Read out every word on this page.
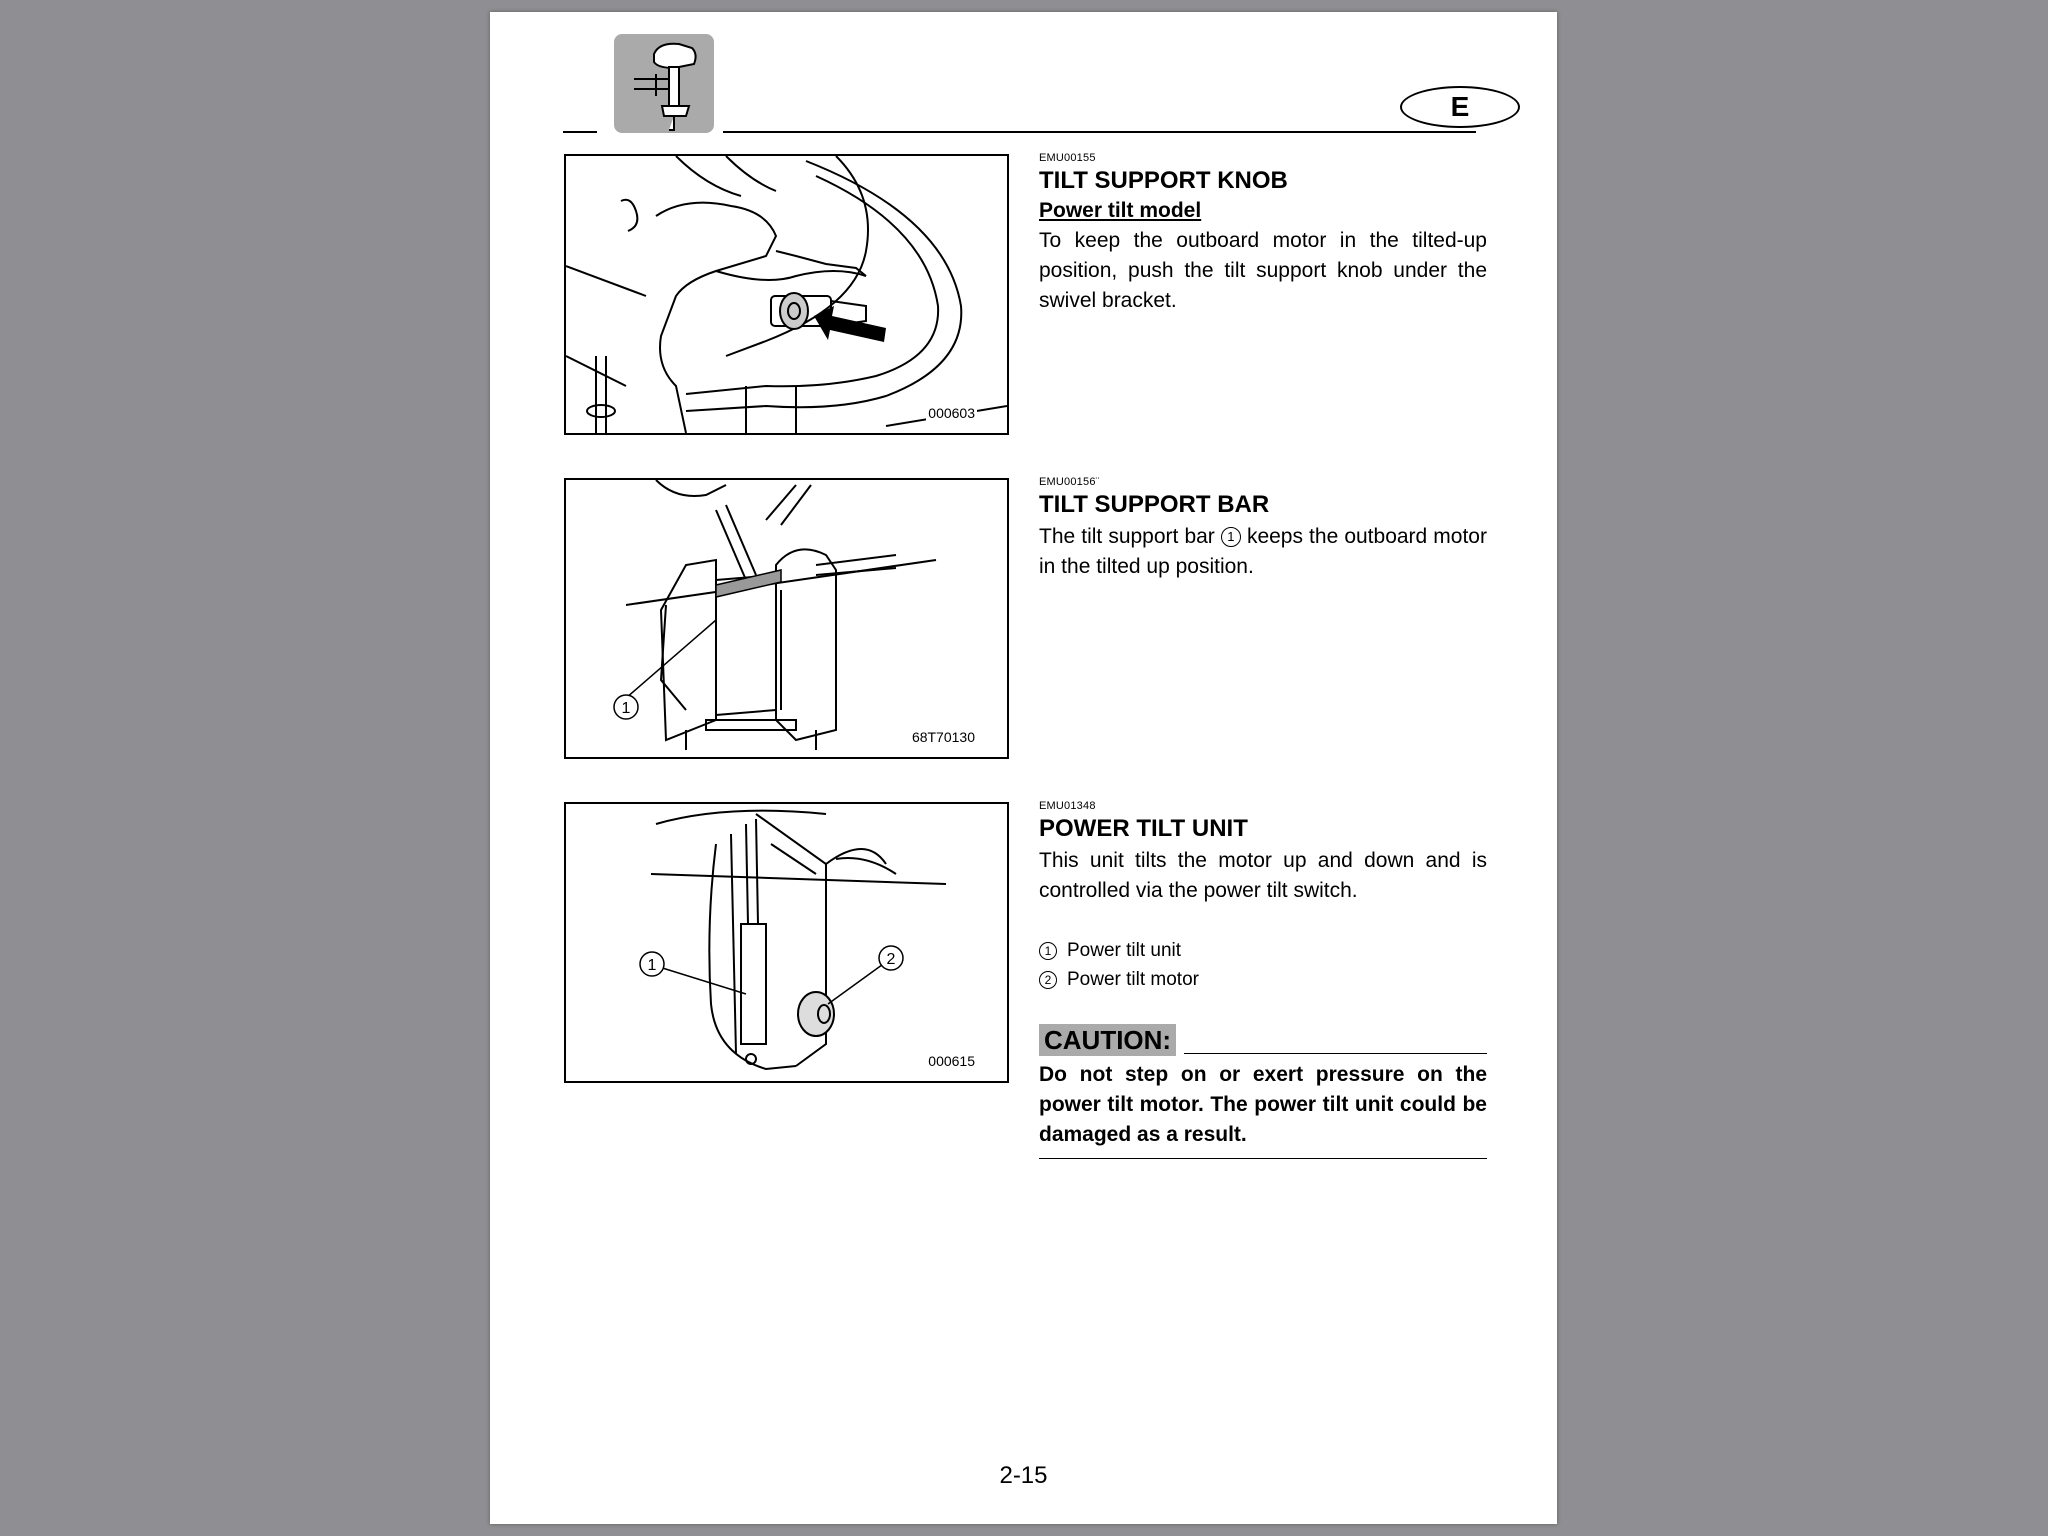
E
000603
1
68T70130
1	2
000615
EMU00155
TILT SUPPORT KNOB
Power tilt model
To keep the outboard motor in the tilted-up position, push the tilt support knob under the swivel bracket.
EMU00156¨
TILT SUPPORT BAR
The tilt support bar 1 keeps the outboard motor in the tilted up position.
EMU01348
POWER TILT UNIT
This unit tilts the motor up and down and is controlled via the power tilt switch.
1 Power tilt unit
2 Power tilt motor
CAUTION:
Do not step on or exert pressure on the power tilt motor. The power tilt unit could be damaged as a result.
2-15
